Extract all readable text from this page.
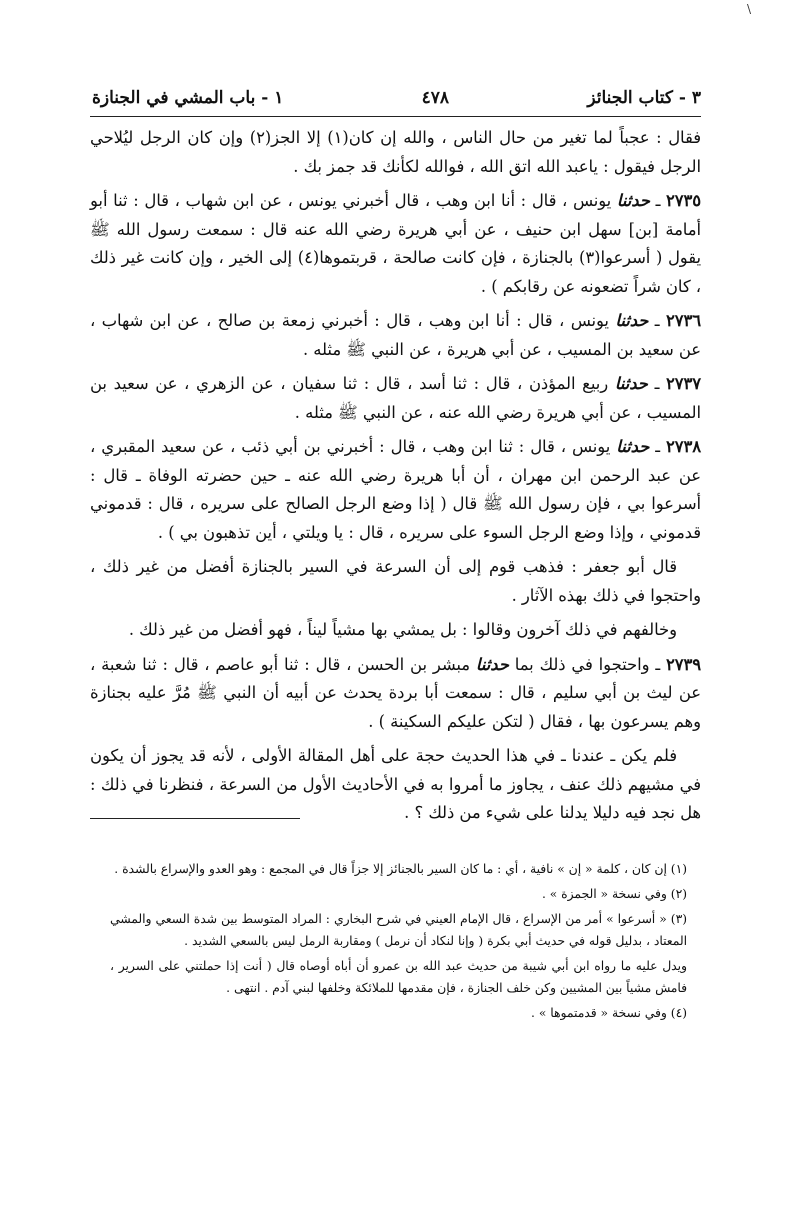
\
٣ - كتاب الجنائز
٤٧٨
١ - باب المشي في الجنازة

فقال : عجباً لما تغير من حال الناس ، والله إن كان(١) إلا الجز(٢) وإن كان الرجل ليُلاحي الرجل فيقول : ياعبد الله اتق الله ، فوالله لكأنك قد جمز بك .

٢٧٣٥ ـ حدثنا يونس ، قال : أنا ابن وهب ، قال أخبرني يونس ، عن ابن شهاب ، قال : ثنا أبو أمامة [بن] سهل ابن حنيف ، عن أبي هريرة رضي الله عنه قال : سمعت رسول الله ﷺ يقول ( أسرعوا(٣) بالجنازة ، فإن كانت صالحة ، قربتموها(٤) إلى الخير ، وإن كانت غير ذلك ، كان شراً تضعونه عن رقابكم ) .

٢٧٣٦ ـ حدثنا يونس ، قال : أنا ابن وهب ، قال : أخبرني زمعة بن صالح ، عن ابن شهاب ، عن سعيد بن المسيب ، عن أبي هريرة ، عن النبي ﷺ مثله .

٢٧٣٧ ـ حدثنا ربيع المؤذن ، قال : ثنا أسد ، قال : ثنا سفيان ، عن الزهري ، عن سعيد بن المسيب ، عن أبي هريرة رضي الله عنه ، عن النبي ﷺ مثله .

٢٧٣٨ ـ حدثنا يونس ، قال : ثنا ابن وهب ، قال : أخبرني بن أبي ذئب ، عن سعيد المقبري ، عن عبد الرحمن ابن مهران ، أن أبا هريرة رضي الله عنه ـ حين حضرته الوفاة ـ قال : أسرعوا بي ، فإن رسول الله ﷺ قال ( إذا وضع الرجل الصالح على سريره ، قال : قدموني قدموني ، وإذا وضع الرجل السوء على سريره ، قال : يا ويلتي ، أين تذهبون بي ) .

قال أبو جعفر : فذهب قوم إلى أن السرعة في السير بالجنازة أفضل من غير ذلك ، واحتجوا في ذلك بهذه الآثار .

وخالفهم في ذلك آخرون وقالوا : بل يمشي بها مشياً ليناً ، فهو أفضل من غير ذلك .

٢٧٣٩ ـ واحتجوا في ذلك بما حدثنا مبشر بن الحسن ، قال : ثنا أبو عاصم ، قال : ثنا شعبة ، عن ليث بن أبي سليم ، قال : سمعت أبا بردة يحدث عن أبيه أن النبي ﷺ مُرَّ عليه بجنازة وهم يسرعون بها ، فقال ( لتكن عليكم السكينة ) .

فلم يكن ـ عندنا ـ في هذا الحديث حجة على أهل المقالة الأولى ، لأنه قد يجوز أن يكون في مشيهم ذلك عنف ، يجاوز ما أمروا به في الأحاديث الأول من السرعة ، فنظرنا في ذلك : هل نجد فيه دليلا يدلنا على شيء من ذلك ؟ .

(١) إن كان ، كلمة « إن » نافية ، أي : ما كان السير بالجنائز إلا جزاً قال في المجمع : وهو العدو والإسراع بالشدة .

(٢) وفي نسخة « الجمزة » .

(٣) « أسرعوا » أمر من الإسراع ، قال الإمام العيني في شرح البخاري : المراد المتوسط بين شدة السعي والمشي المعتاد ، بدليل قوله في حديث أبي بكرة ( وإنا لنكاد أن نرمل ) ومقاربة الرمل ليس بالسعي الشديد .

ويدل عليه ما رواه ابن أبي شيبة من حديث عبد الله بن عمرو أن أباه أوصاه قال ( أنت إذا حملتني على السرير ، فامش مشياً بين المشيين وكن خلف الجنازة ، فإن مقدمها للملائكة وخلفها لبني آدم . انتهى .

(٤) وفي نسخة « قدمتموها » .
